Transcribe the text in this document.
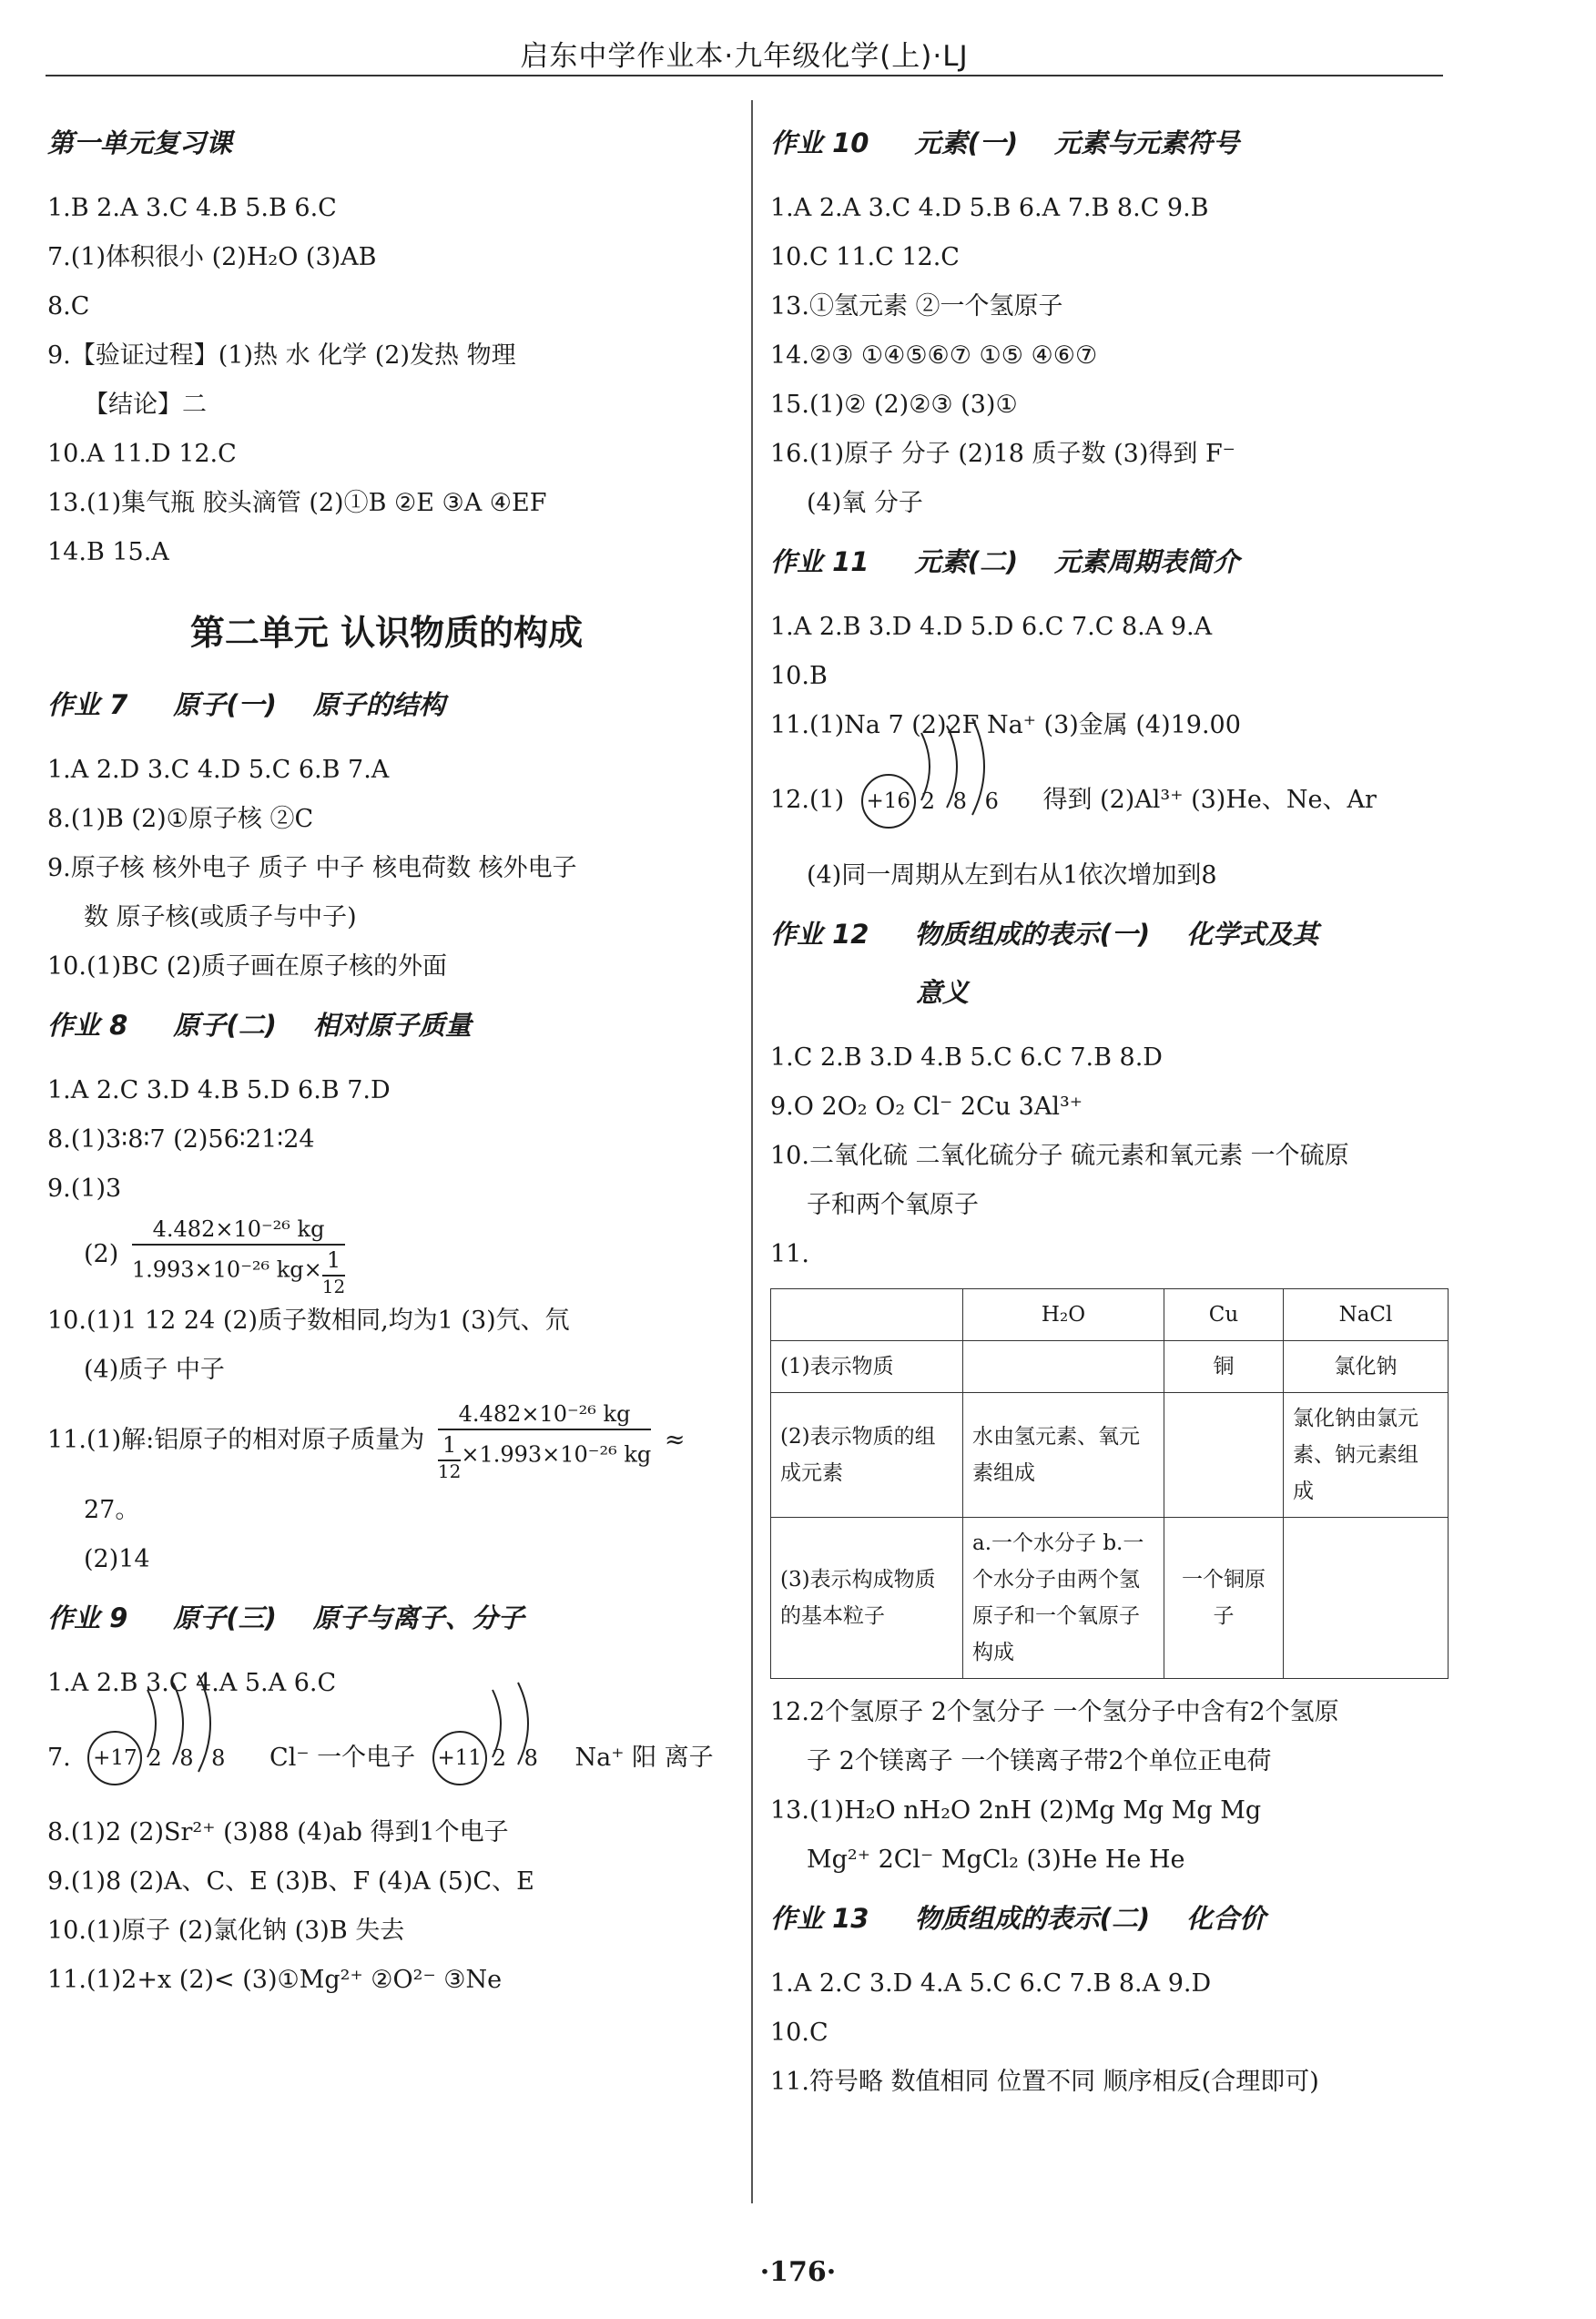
启东中学作业本·九年级化学(上)·LJ
第一单元复习课
1.B 2.A 3.C 4.B 5.B 6.C
7.(1)体积很小 (2)H₂O (3)AB
8.C
9.【验证过程】(1)热 水 化学 (2)发热 物理
【结论】二
10.A 11.D 12.C
13.(1)集气瓶 胶头滴管 (2)①B ②E ③A ④EF
14.B 15.A
第二单元 认识物质的构成
作业 7 原子(一) 原子的结构
1.A 2.D 3.C 4.D 5.C 6.B 7.A
8.(1)B (2)①原子核 ②C
9.原子核 核外电子 质子 中子 核电荷数 核外电子
数 原子核(或质子与中子)
10.(1)BC (2)质子画在原子核的外面
作业 8 原子(二) 相对原子质量
1.A 2.C 3.D 4.B 5.D 6.B 7.D
8.(1)3∶8∶7 (2)56∶21∶24
9.(1)3
$(2) \frac{\text{4.482×10⁻²⁶ kg}}{1.993\times 10^{-26} kg\times \frac{1}{12}}$
10.(1)1 12 24 (2)质子数相同,均为1 (3)氕、氘
(4)质子 中子
11.(1)解:铝原子的相对原子质量为 $\frac{\text{4.482×10⁻²⁶ kg}}{\frac{1}{12}\times 1.993\times 10^{-26} kg}$ ≈
27。
(2)14
作业 9 原子(三) 原子与离子、分子
1.A 2.B 3.C 4.A 5.A 6.C
7. +17 2 8 8 Cl⁻ 一个电子 +11 2 8 Na⁺ 阳 离子
8.(1)2 (2)Sr²⁺ (3)88 (4)ab 得到1个电子
9.(1)8 (2)A、C、E (3)B、F (4)A (5)C、E
10.(1)原子 (2)氯化钠 (3)B 失去
11.(1)2+x (2)< (3)①Mg²⁺ ②O²⁻ ③Ne
作业 10 元素(一) 元素与元素符号
1.A 2.A 3.C 4.D 5.B 6.A 7.B 8.C 9.B
10.C 11.C 12.C
13.①氢元素 ②一个氢原子
14.②③ ①④⑤⑥⑦ ①⑤ ④⑥⑦
15.(1)② (2)②③ (3)①
16.(1)原子 分子 (2)18 质子数 (3)得到 F⁻
(4)氧 分子
作业 11 元素(二) 元素周期表简介
1.A 2.B 3.D 4.D 5.D 6.C 7.C 8.A 9.A
10.B
11.(1)Na 7 (2)2F Na⁺ (3)金属 (4)19.00
12.(1) +16 2 8 6 得到 (2)Al³⁺ (3)He、Ne、Ar
(4)同一周期从左到右从1依次增加到8
作业 12 物质组成的表示(一) 化学式及其
意义
1.C 2.B 3.D 4.B 5.C 6.C 7.B 8.D
9.O 2O₂ O₂ Cl⁻ 2Cu 3Al³⁺
10.二氧化硫 二氧化硫分子 硫元素和氧元素 一个硫原
子和两个氧原子
11.
	H₂O	Cu	NaCl
(1)表示物质		铜	氯化钠
(2)表示物质的组成元素	水由氢元素、氧元素组成		氯化钠由氯元素、钠元素组成
(3)表示构成物质的基本粒子	a.一个水分子 b.一个水分子由两个氢原子和一个氧原子构成	一个铜原子	
12.2个氢原子 2个氢分子 一个氢分子中含有2个氢原
子 2个镁离子 一个镁离子带2个单位正电荷
13.(1)H₂O nH₂O 2nH (2)Mg Mg Mg Mg
Mg²⁺ 2Cl⁻ MgCl₂ (3)He He He
作业 13 物质组成的表示(二) 化合价
1.A 2.C 3.D 4.A 5.C 6.C 7.B 8.A 9.D
10.C
11.符号略 数值相同 位置不同 顺序相反(合理即可)
·176·
